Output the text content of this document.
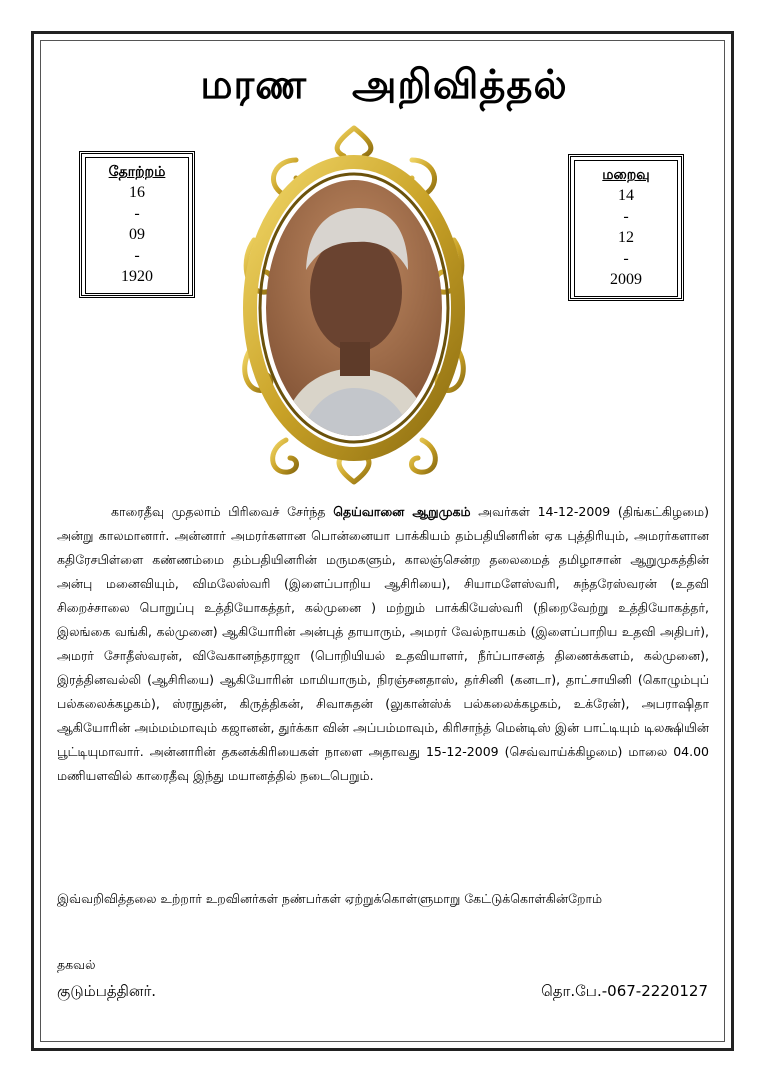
மரண அறிவித்தல்
தோற்றம்
16
-
09
-
1920
மறைவு
14
-
12
-
2009

காரைதீவு முதலாம் பிரிவைச் சேர்ந்த தெய்வானை ஆறுமுகம் அவர்கள் 14-12-2009 (திங்கட்கிழமை) அன்று காலமானார். அன்னார் அமரர்களான பொன்னையா பாக்கியம் தம்பதியினரின் ஏக புத்திரியும், அமரர்களான கதிரேசபிள்ளை கண்ணம்மை தம்பதியினரின் மருமகளும், காலஞ்சென்ற தலைமைத் தமிழாசான் ஆறுமுகத்தின் அன்பு மனைவியும், விமலேஸ்வரி (இளைப்பாறிய ஆசிரியை), சியாமளேஸ்வரி, சுந்தரேஸ்வரன் (உதவி சிறைச்சாலை பொறுப்பு உத்தியோகத்தர், கல்முனை ) மற்றும் பாக்கியேஸ்வரி (நிறைவேற்று உத்தியோகத்தர், இலங்கை வங்கி, கல்முனை) ஆகியோரின் அன்புத் தாயாரும், அமரர் வேல்நாயகம் (இளைப்பாறிய உதவி அதிபர்), அமரர் சோதீஸ்வரன், விவேகானந்தராஜா (பொறியியல் உதவியாளர், நீர்ப்பாசனத் திணைக்களம், கல்முனை), இரத்தினவல்லி (ஆசிரியை) ஆகியோரின் மாமியாரும், நிரஞ்சனதாஸ், தர்சினி (கனடா), தாட்சாயினி (கொழும்புப் பல்கலைக்கழகம்), ஸ்ரநுதன், கிருத்திகன், சிவாசுதன் (லுகான்ஸ்க் பல்கலைக்கழகம், உக்ரேன்), அபராஷிதா ஆகியோரின் அம்மம்மாவும் கஜானன், துர்க்கா வின் அப்பம்மாவும், கிரிசாந்த் மென்டிஸ் இன் பாட்டியும் டிலக்ஷியின் பூட்டியுமாவார். அன்னாரின் தகனக்கிரியைகள் நாளை அதாவது 15-12-2009 (செவ்வாய்க்கிழமை) மாலை 04.00 மணியளவில் காரைதீவு இந்து மயானத்தில் நடைபெறும்.

இவ்வறிவித்தலை உற்றார் உறவினர்கள் நண்பர்கள் ஏற்றுக்கொள்ளுமாறு கேட்டுக்கொள்கின்றோம்
தகவல்
குடும்பத்தினர்.	தொ.பே.-067-2220127
